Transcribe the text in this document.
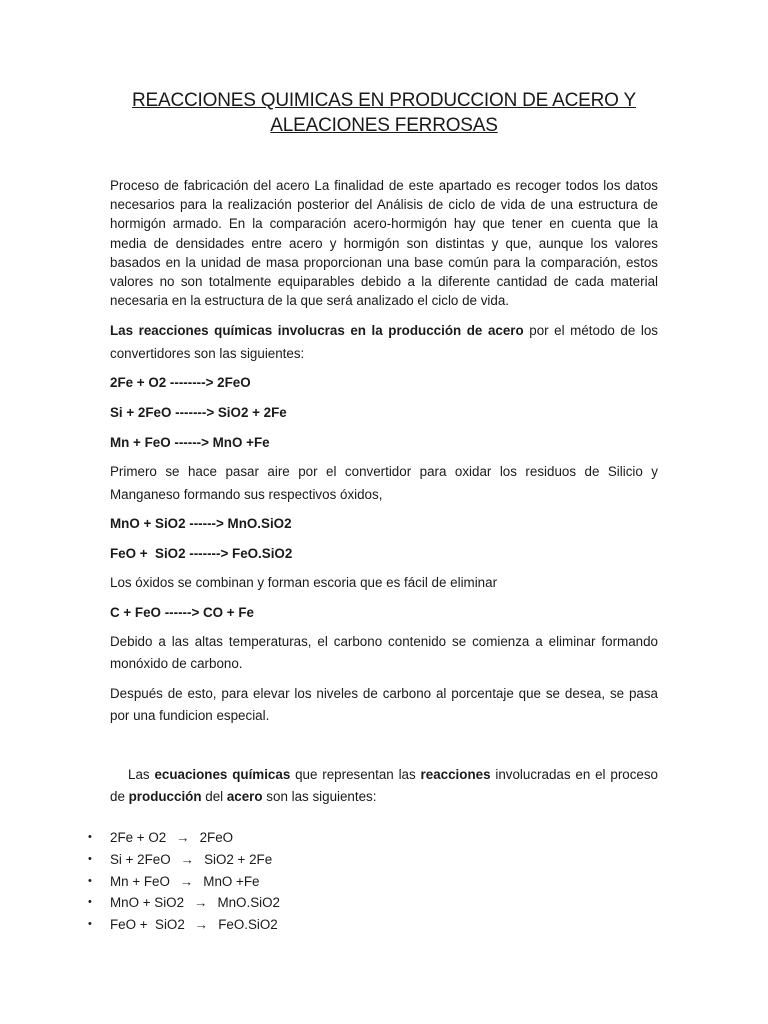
REACCIONES QUIMICAS EN PRODUCCION DE ACERO Y ALEACIONES FERROSAS

Proceso de fabricación del acero La finalidad de este apartado es recoger todos los datos necesarios para la realización posterior del Análisis de ciclo de vida de una estructura de hormigón armado. En la comparación acero-hormigón hay que tener en cuenta que la media de densidades entre acero y hormigón son distintas y que, aunque los valores basados en la unidad de masa proporcionan una base común para la comparación, estos valores no son totalmente equiparables debido a la diferente cantidad de cada material necesaria en la estructura de la que será analizado el ciclo de vida.

Las reacciones químicas involucras en la producción de acero por el método de los convertidores son las siguientes:

2Fe + O2 --------> 2FeO
Si + 2FeO -------> SiO2 + 2Fe
Mn + FeO ------> MnO +Fe

Primero se hace pasar aire por el convertidor para oxidar los residuos de Silicio y Manganeso formando sus respectivos óxidos,

MnO + SiO2 ------> MnO.SiO2
FeO +  SiO2 -------> FeO.SiO2

Los óxidos se combinan y forman escoria que es fácil de eliminar

C + FeO ------> CO + Fe

Debido a las altas temperaturas, el carbono contenido se comienza a eliminar formando monóxido de carbono.

Después de esto, para elevar los niveles de carbono al porcentaje que se desea, se pasa por una fundicion especial.

Las ecuaciones químicas que representan las reacciones involucradas en el proceso de producción del acero son las siguientes:

• 2Fe + O2 → 2FeO
• Si + 2FeO → SiO2 + 2Fe
• Mn + FeO → MnO +Fe
• MnO + SiO2 → MnO.SiO2
• FeO +  SiO2 → FeO.SiO2
